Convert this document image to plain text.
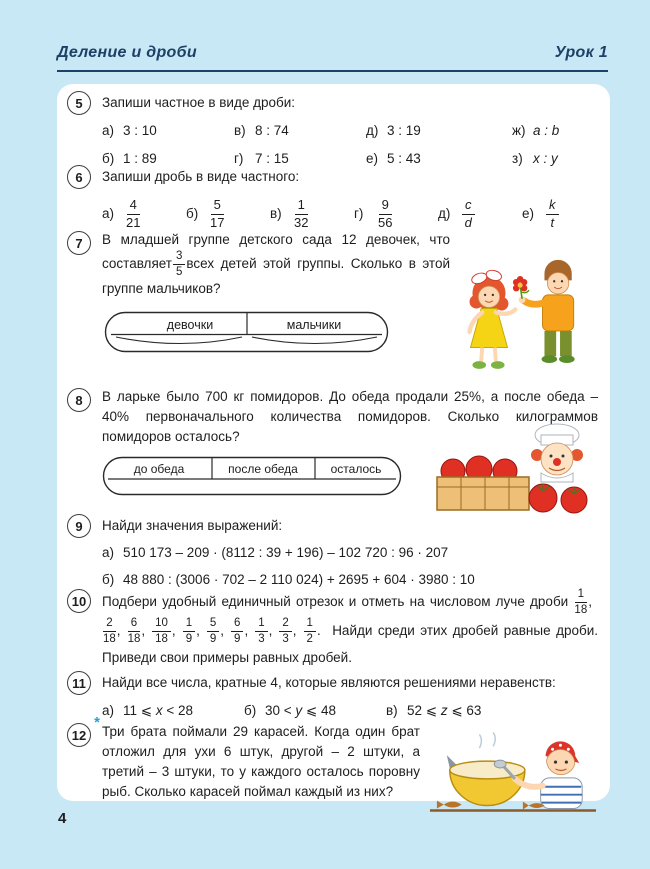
Деление и дроби	Урок 1
5	Запиши частное в виде дроби:
а) 3 : 10	в) 8 : 74	д) 3 : 19	ж) a : b
б) 1 : 89	г) 7 : 15	е) 5 : 43	з) x : y
6	Запиши дробь в виде частного:
$а) \frac{4}{21}$	$б) \frac{5}{17}$	$в) \frac{1}{32}$	г)	$\frac{9}{56}$	$д) \frac{c}{d}$	$е) \frac{k}{t}$
7	В младшей группе детского сада 12 девочек, что составляет $\frac{3}{5}$ всех детей этой группы. Сколько в этой группе мальчиков?

девочки	мальчики
8	В ларьке было 700 кг помидоров. До обеда продали 25%, а после обеда – 40% первоначального количества помидоров. Сколько килограммов помидоров осталось?

до обеда	после обеда	осталось
9	Найди значения выражений:
а) 510 173 – 209 · (8112 : 39 + 196) – 102 720 : 96 · 207
б) 48 880 : (3006 · 702 – 2 110 024) + 2695 + 604 · 3980 : 10
10	Подбери удобный единичный отрезок и отметь на числовом луче дроби $\frac{1}{18}$ ,
$\frac{2}{18}$ , $\frac{6}{18}$ , $\frac{10}{18}$ , $\frac{1}{9}$ , $\frac{5}{9}$ , $\frac{6}{9}$ , $\frac{1}{3}$ , $\frac{2}{3}$ , $\frac{1}{2}$ . Найди среди этих дробей равные дроби. Приведи свои примеры равных дробей.

11	Найди все числа, кратные 4, которые являются решениями неравенств:
а) 11 ⩽ x < 28	б) 30 < y ⩽ 48	в) 52 ⩽ z ⩽ 63
12
*

Три брата поймали 29 карасей. Когда один брат отложил для ухи 6 штук, другой – 2 штуки, а третий – 3 штуки, то у каждого осталось поровну рыб. Сколько карасей поймал каждый из них?

4
